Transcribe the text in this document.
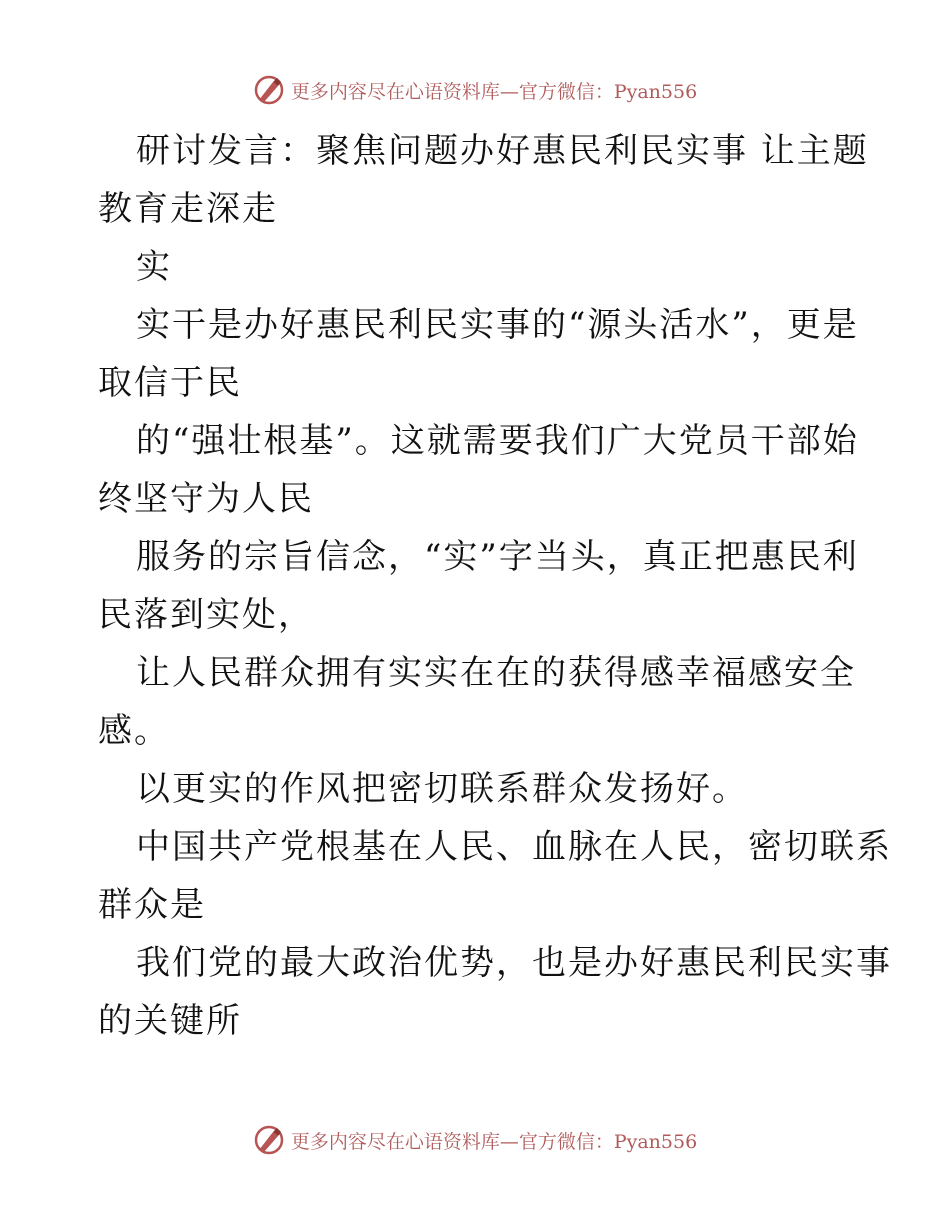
更多内容尽在心语资料库—官方微信：Pyan556
研讨发言：聚焦问题办好惠民利民实事 让主题
教育走深走
实
实干是办好惠民利民实事的“源头活水”，更是
取信于民
的“强壮根基”。这就需要我们广大党员干部始
终坚守为人民
服务的宗旨信念，“实”字当头，真正把惠民利
民落到实处，
让人民群众拥有实实在在的获得感幸福感安全
感。
以更实的作风把密切联系群众发扬好。
中国共产党根基在人民、血脉在人民，密切联系
群众是
我们党的最大政治优势，也是办好惠民利民实事
的关键所
更多内容尽在心语资料库—官方微信：Pyan556
